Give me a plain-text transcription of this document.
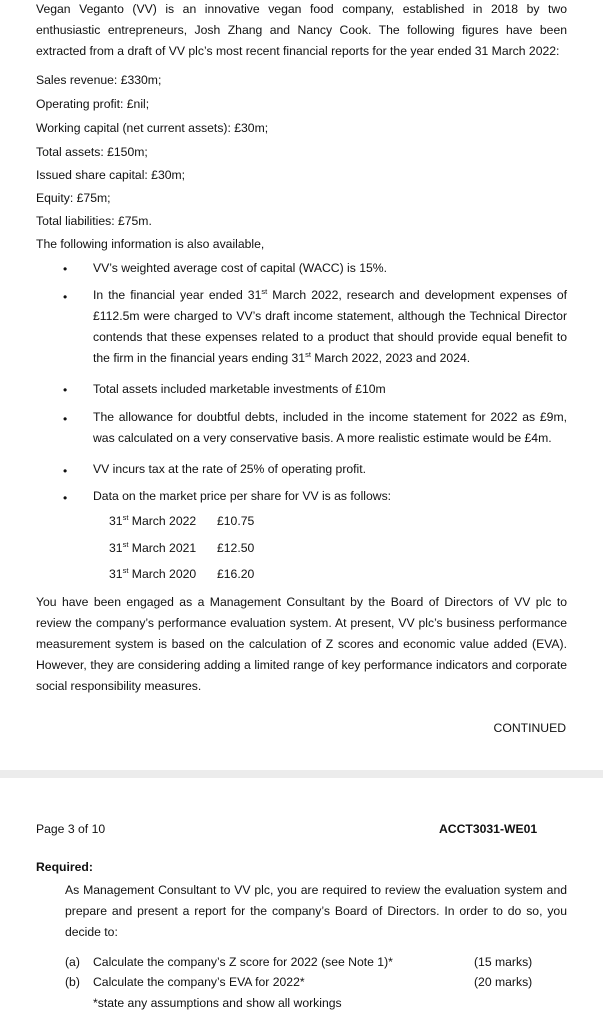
Vegan Veganto (VV) is an innovative vegan food company, established in 2018 by two enthusiastic entrepreneurs, Josh Zhang and Nancy Cook. The following figures have been extracted from a draft of VV plc’s most recent financial reports for the year ended 31 March 2022:
Sales revenue: £330m;
Operating profit: £nil;
Working capital (net current assets): £30m;
Total assets: £150m;
Issued share capital: £30m;
Equity: £75m;
Total liabilities: £75m.
The following information is also available,
• VV’s weighted average cost of capital (WACC) is 15%.
• In the financial year ended 31st March 2022, research and development expenses of £112.5m were charged to VV’s draft income statement, although the Technical Director contends that these expenses related to a product that should provide equal benefit to the firm in the financial years ending 31st March 2022, 2023 and 2024.
• Total assets included marketable investments of £10m
• The allowance for doubtful debts, included in the income statement for 2022 as £9m, was calculated on a very conservative basis. A more realistic estimate would be £4m.
• VV incurs tax at the rate of 25% of operating profit.
• Data on the market price per share for VV is as follows:
31st March 2022 £10.75
31st March 2021 £12.50
31st March 2020 £16.20
You have been engaged as a Management Consultant by the Board of Directors of VV plc to review the company’s performance evaluation system. At present, VV plc’s business performance measurement system is based on the calculation of Z scores and economic value added (EVA). However, they are considering adding a limited range of key performance indicators and corporate social responsibility measures.
CONTINUED
Page 3 of 10	ACCT3031-WE01
Required:
As Management Consultant to VV plc, you are required to review the evaluation system and prepare and present a report for the company’s Board of Directors. In order to do so, you decide to:
(a) Calculate the company’s Z score for 2022 (see Note 1)*	(15 marks)
(b) Calculate the company’s EVA for 2022*	(20 marks)
*state any assumptions and show all workings
